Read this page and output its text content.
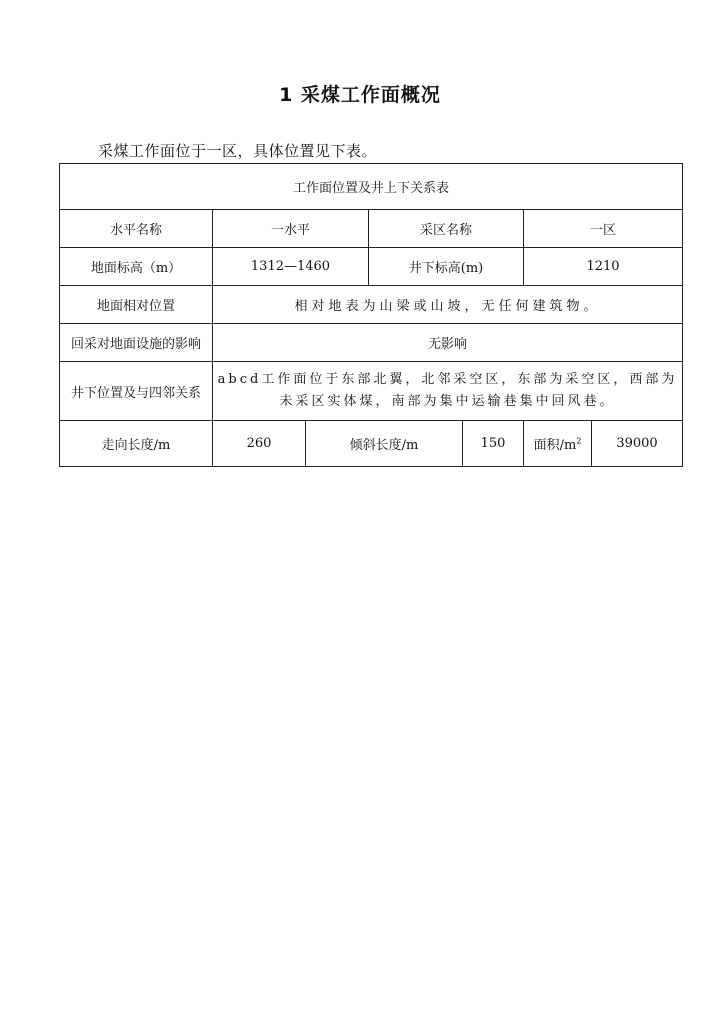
1 采煤工作面概况
采煤工作面位于一区，具体位置见下表。
工作面位置及井上下关系表						
水平名称	一水平		采区名称		一区	
地面标高（m）	1312—1460		井下标高(m)		1210	
地面相对位置	相对地表为山梁或山坡，无任何建筑物。					
回采对地面设施的影响	无影响					
井下位置及与四邻关系	abcd工作面位于东部北翼，北邻采空区，东部为采空区，西部为未采区实体煤，南部为集中运输巷集中回风巷。					
走向长度/m	260	倾斜长度/m		150	面积$/m^2$	39000
